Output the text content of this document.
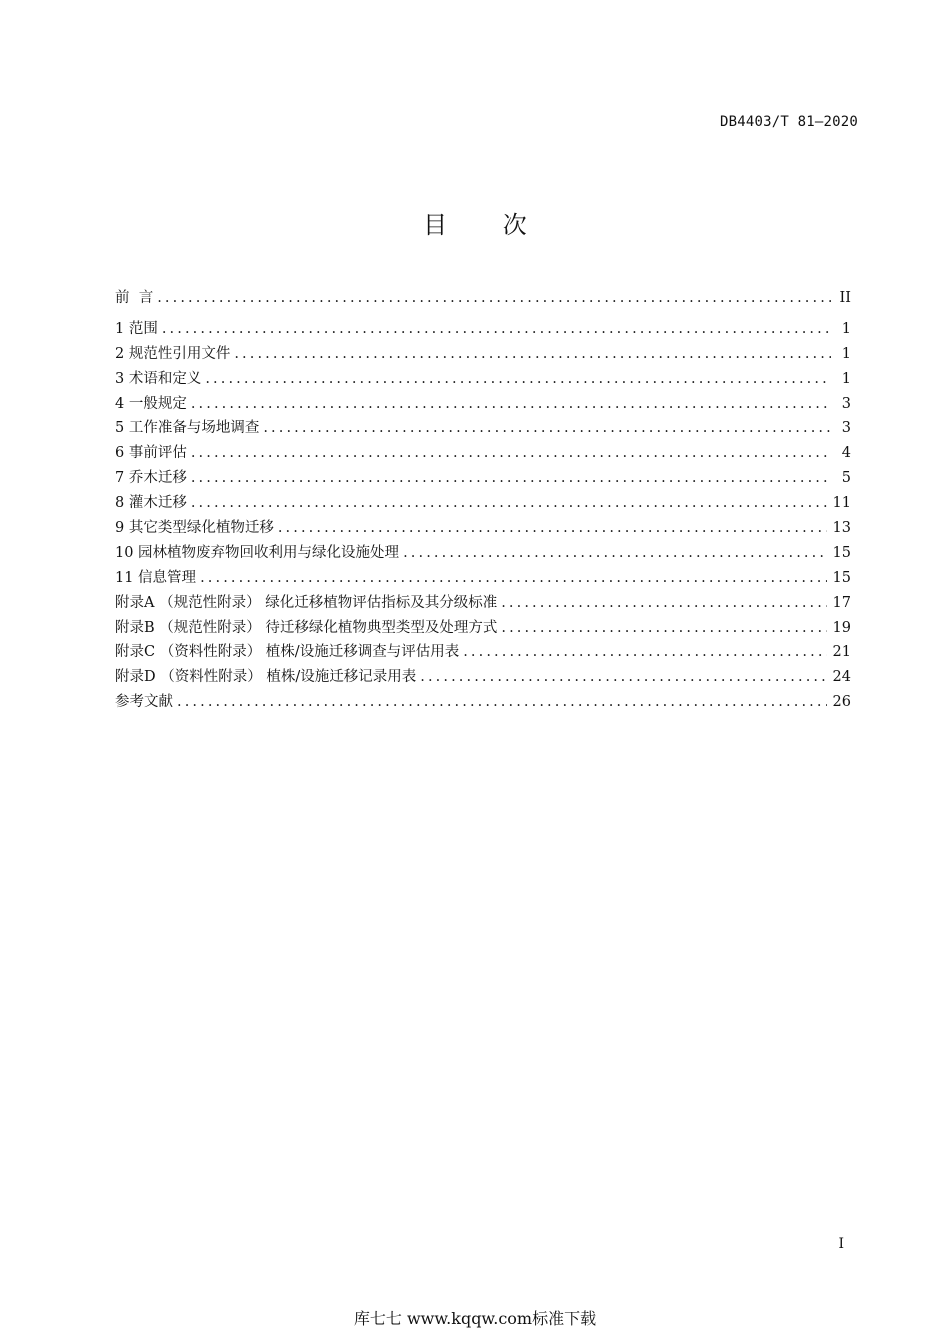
DB4403/T 81—2020
目 次
前  言 .....	II
1 范围 .....	1
2 规范性引用文件 .....	1
3 术语和定义 .....	1
4 一般规定 .....	3
5 工作准备与场地调查 .....	3
6 事前评估 .....	4
7 乔木迁移 .....	5
8 灌木迁移 .....	11
9 其它类型绿化植物迁移 .....	13
10 园林植物废弃物回收利用与绿化设施处理 .....	15
11 信息管理 .....	15
附录A （规范性附录） 绿化迁移植物评估指标及其分级标准 .....	17
附录B （规范性附录） 待迁移绿化植物典型类型及处理方式 .....	19
附录C （资料性附录） 植株/设施迁移调查与评估用表 .....	21
附录D （资料性附录） 植株/设施迁移记录用表 .....	24
参考文献 .....	26
I
库七七 www.kqqw.com标准下载
